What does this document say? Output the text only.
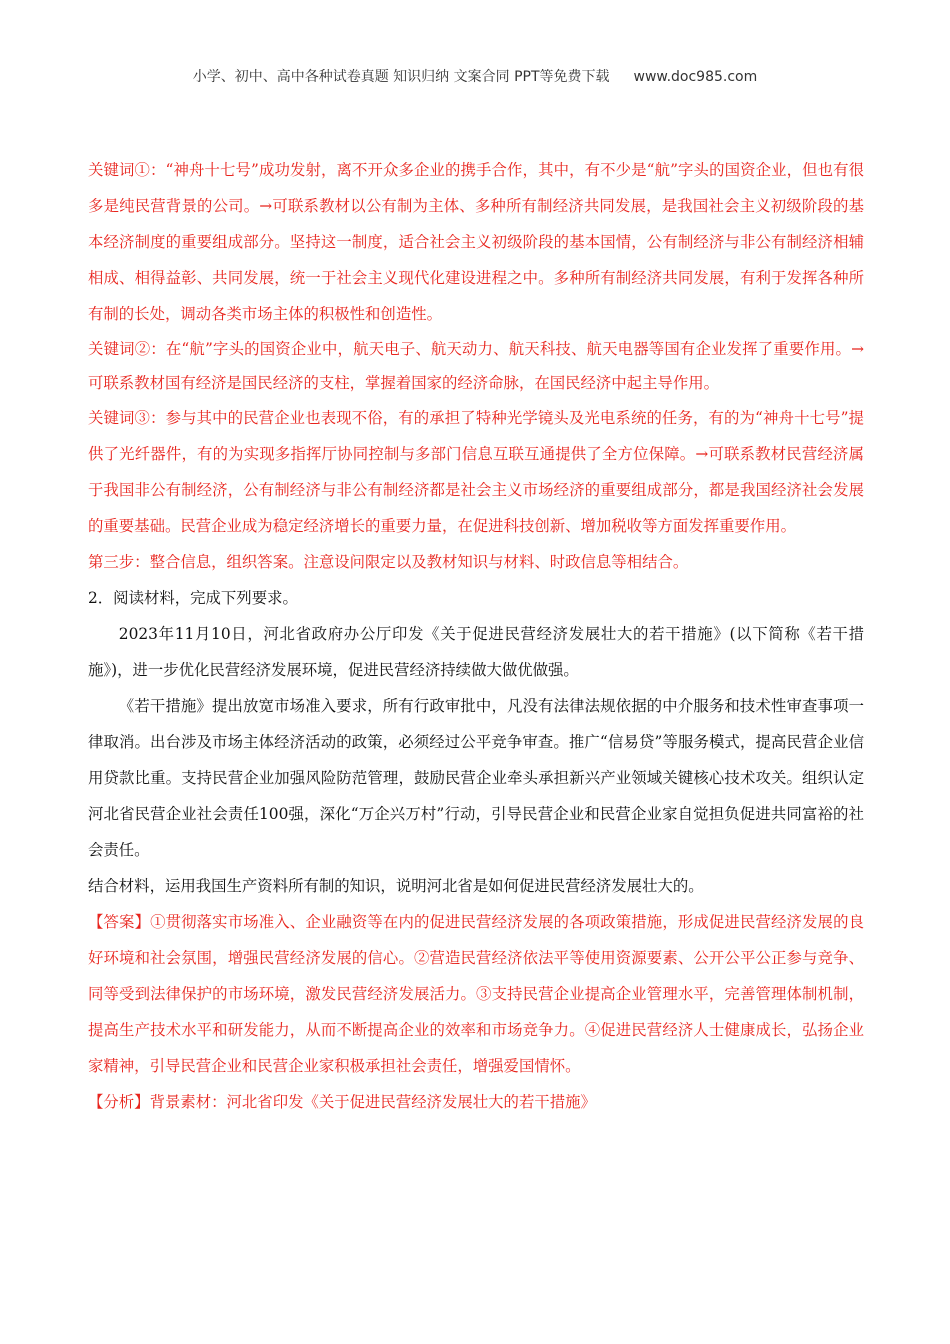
小学、初中、高中各种试卷真题 知识归纳 文案合同 PPT等免费下载 www.doc985.com

关键词①：“神舟十七号”成功发射，离不开众多企业的携手合作，其中，有不少是“航”字头的国资企业，但也有很多是纯民营背景的公司。→可联系教材以公有制为主体、多种所有制经济共同发展，是我国社会主义初级阶段的基本经济制度的重要组成部分。坚持这一制度，适合社会主义初级阶段的基本国情，公有制经济与非公有制经济相辅相成、相得益彰、共同发展，统一于社会主义现代化建设进程之中。多种所有制经济共同发展，有利于发挥各种所有制的长处，调动各类市场主体的积极性和创造性。

关键词②：在“航”字头的国资企业中，航天电子、航天动力、航天科技、航天电器等国有企业发挥了重要作用。→可联系教材国有经济是国民经济的支柱，掌握着国家的经济命脉，在国民经济中起主导作用。

关键词③：参与其中的民营企业也表现不俗，有的承担了特种光学镜头及光电系统的任务，有的为“神舟十七号”提供了光纤器件，有的为实现多指挥厅协同控制与多部门信息互联互通提供了全方位保障。→可联系教材民营经济属于我国非公有制经济，公有制经济与非公有制经济都是社会主义市场经济的重要组成部分，都是我国经济社会发展的重要基础。民营企业成为稳定经济增长的重要力量，在促进科技创新、增加税收等方面发挥重要作用。

第三步：整合信息，组织答案。注意设问限定以及教材知识与材料、时政信息等相结合。

2．阅读材料，完成下列要求。

2023年11月10日，河北省政府办公厅印发《关于促进民营经济发展壮大的若干措施》(以下简称《若干措施》)，进一步优化民营经济发展环境，促进民营经济持续做大做优做强。

《若干措施》提出放宽市场准入要求，所有行政审批中，凡没有法律法规依据的中介服务和技术性审查事项一律取消。出台涉及市场主体经济活动的政策，必须经过公平竞争审查。推广“信易贷”等服务模式，提高民营企业信用贷款比重。支持民营企业加强风险防范管理，鼓励民营企业牵头承担新兴产业领域关键核心技术攻关。组织认定河北省民营企业社会责任100强，深化“万企兴万村”行动，引导民营企业和民营企业家自觉担负促进共同富裕的社会责任。

结合材料，运用我国生产资料所有制的知识，说明河北省是如何促进民营经济发展壮大的。

【答案】①贯彻落实市场准入、企业融资等在内的促进民营经济发展的各项政策措施，形成促进民营经济发展的良好环境和社会氛围，增强民营经济发展的信心。②营造民营经济依法平等使用资源要素、公开公平公正参与竞争、同等受到法律保护的市场环境，激发民营经济发展活力。③支持民营企业提高企业管理水平，完善管理体制机制，提高生产技术水平和研发能力，从而不断提高企业的效率和市场竞争力。④促进民营经济人士健康成长，弘扬企业家精神，引导民营企业和民营企业家积极承担社会责任，增强爱国情怀。

【分析】背景素材：河北省印发《关于促进民营经济发展壮大的若干措施》
